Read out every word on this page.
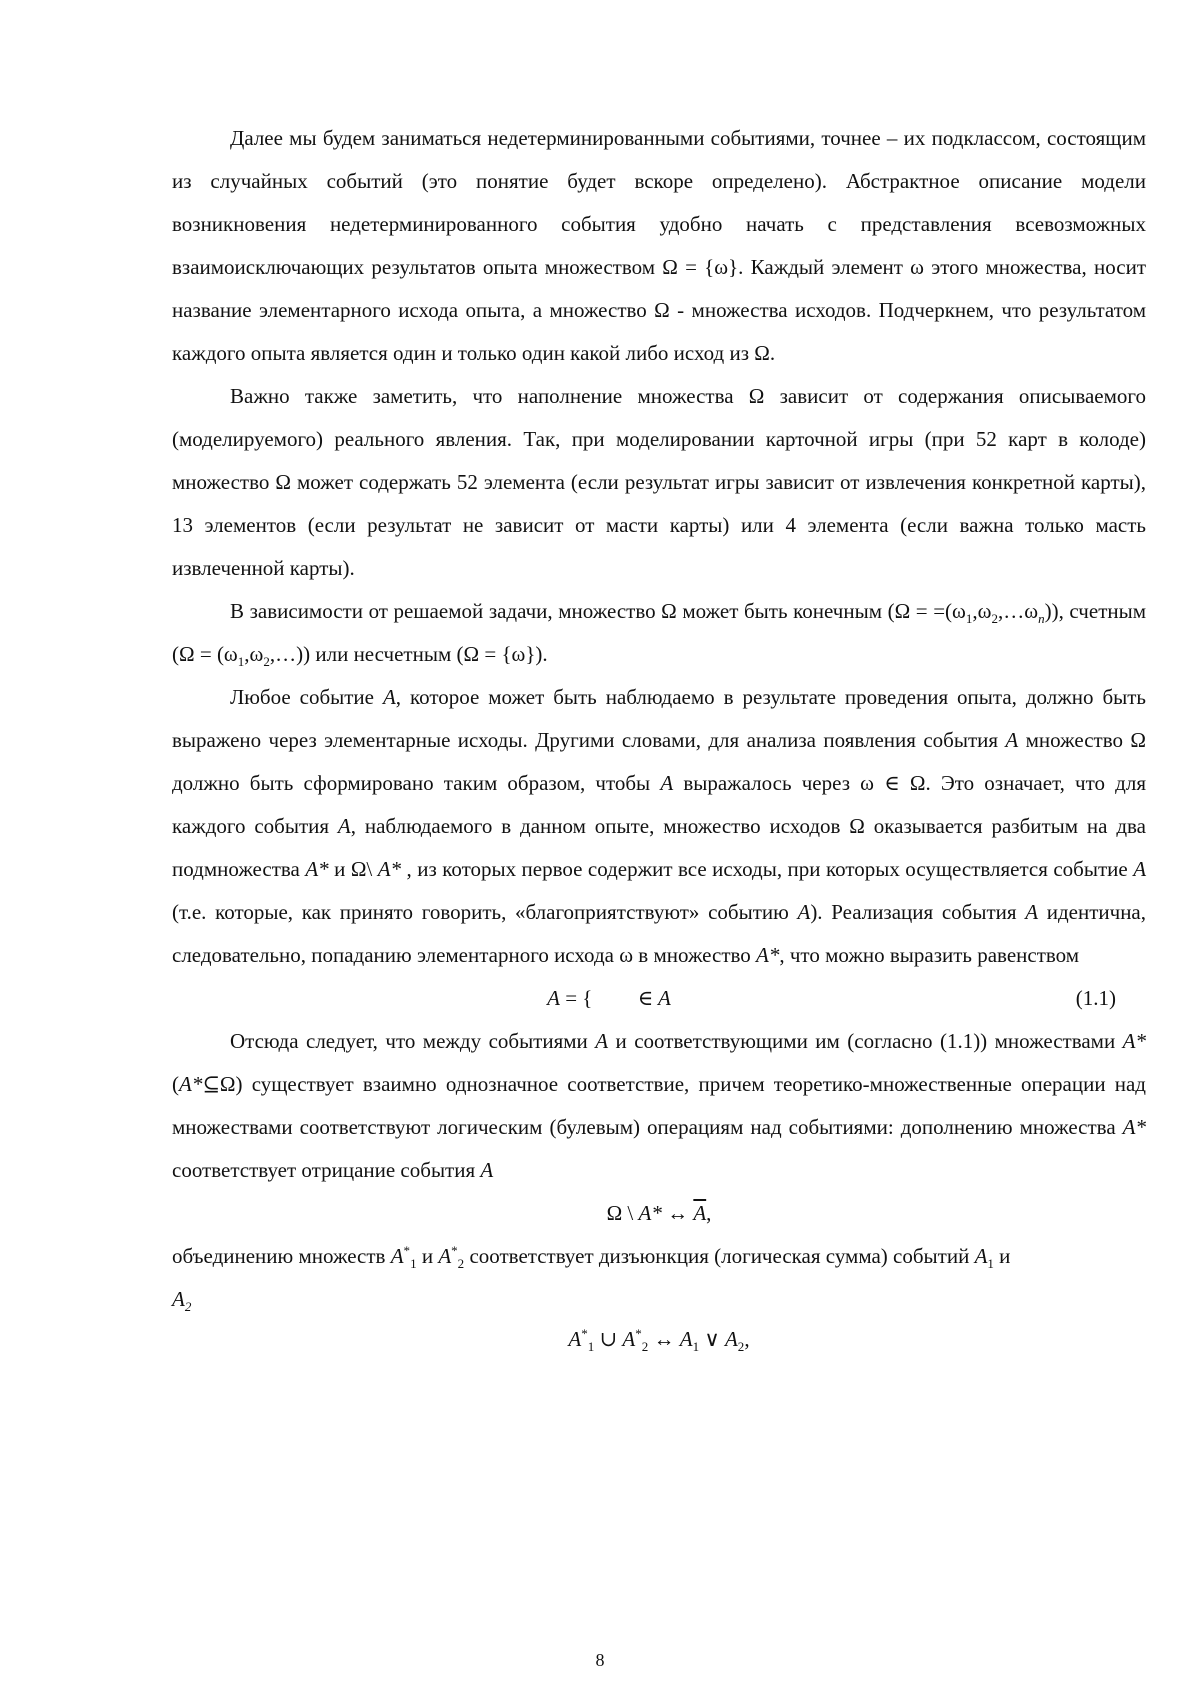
Далее мы будем заниматься недетерминированными событиями, точнее – их подклассом, состоящим из случайных событий (это понятие будет вскоре определено). Абстрактное описание модели возникновения недетерминированного события удобно начать с представления всевозможных взаимоисключающих результатов опыта множеством Ω = {ω}. Каждый элемент ω этого множества, носит название элементарного исхода опыта, а множество Ω - множества исходов. Подчеркнем, что результатом каждого опыта является один и только один какой либо исход из Ω.

Важно также заметить, что наполнение множества Ω зависит от содержания описываемого (моделируемого) реального явления. Так, при моделировании карточной игры (при 52 карт в колоде) множество Ω может содержать 52 элемента (если результат игры зависит от извлечения конкретной карты), 13 элементов (если результат не зависит от масти карты) или 4 элемента (если важна только масть извлеченной карты).

В зависимости от решаемой задачи, множество Ω может быть конечным $(\Omega = =(\omega_1,\omega_2,\dots\omega_n))$, счетным $(\Omega = (\omega_1,\omega_2,\dots))$ или несчетным (Ω = {ω}).

Любое событие A, которое может быть наблюдаемо в результате проведения опыта, должно быть выражено через элементарные исходы. Другими словами, для анализа появления события A множество Ω должно быть сформировано таким образом, чтобы A выражалось через ω ∈ Ω. Это означает, что для каждого события A, наблюдаемого в данном опыте, множество исходов Ω оказывается разбитым на два подмножества A* и Ω\ A* , из которых первое содержит все исходы, при которых осуществляется событие A (т.е. которые, как принято говорить, «благоприятствуют» событию A). Реализация события A идентична, следовательно, попаданию элементарного исхода ω в множество A*, что можно выразить равенством

A = { ∈ A	(1.1)

Отсюда следует, что между событиями A и соответствующими им (согласно (1.1)) множествами A* (A*⊆Ω) существует взаимно однозначное соответствие, причем теоретико-множественные операции над множествами соответствуют логическим (булевым) операциям над событиями: дополнению множества A* соответствует отрицание события A

Ω \ A* ↔ $\overline{A}$,

объединению множеств $A^*_1$ и $A^*_2$ соответствует дизъюнкция (логическая сумма) событий $A_1$ и

$A_2$
$A^*_1$ ∪ $A^*_2$ ↔ $A_1$ ∨ $A_2$,
8
